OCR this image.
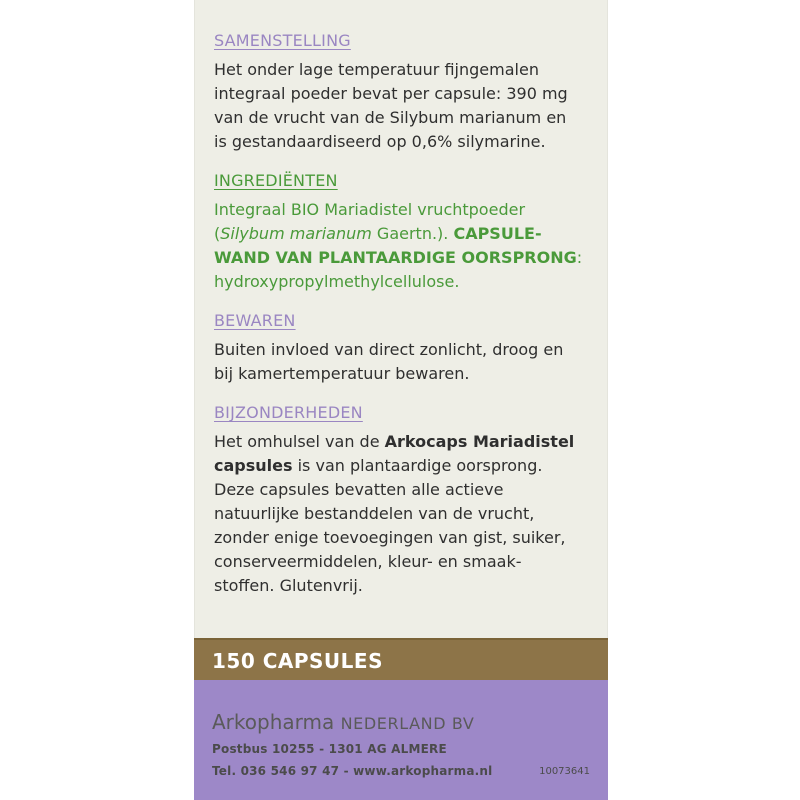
SAMENSTELLING

Het onder lage temperatuur fijngemalen
integraal poeder bevat per capsule: 390 mg
van de vrucht van de Silybum marianum en
is gestandaardiseerd op 0,6% silymarine.

INGREDIËNTEN

Integraal BIO Mariadistel vruchtpoeder
(Silybum marianum Gaertn.). CAPSULE-
WAND VAN PLANTAARDIGE OORSPRONG:
hydroxypropylmethylcellulose.

BEWAREN

Buiten invloed van direct zonlicht, droog en
bij kamertemperatuur bewaren.

BIJZONDERHEDEN

Het omhulsel van de Arkocaps Mariadistel
capsules is van plantaardige oorsprong.
Deze capsules bevatten alle actieve
natuurlijke bestanddelen van de vrucht,
zonder enige toevoegingen van gist, suiker,
conserveermiddelen, kleur- en smaak-
stoffen. Glutenvrij.

150 CAPSULES
Arkopharma NEDERLAND BV
Postbus 10255 - 1301 AG ALMERE
Tel. 036 546 97 47 - www.arkopharma.nl	10073641
